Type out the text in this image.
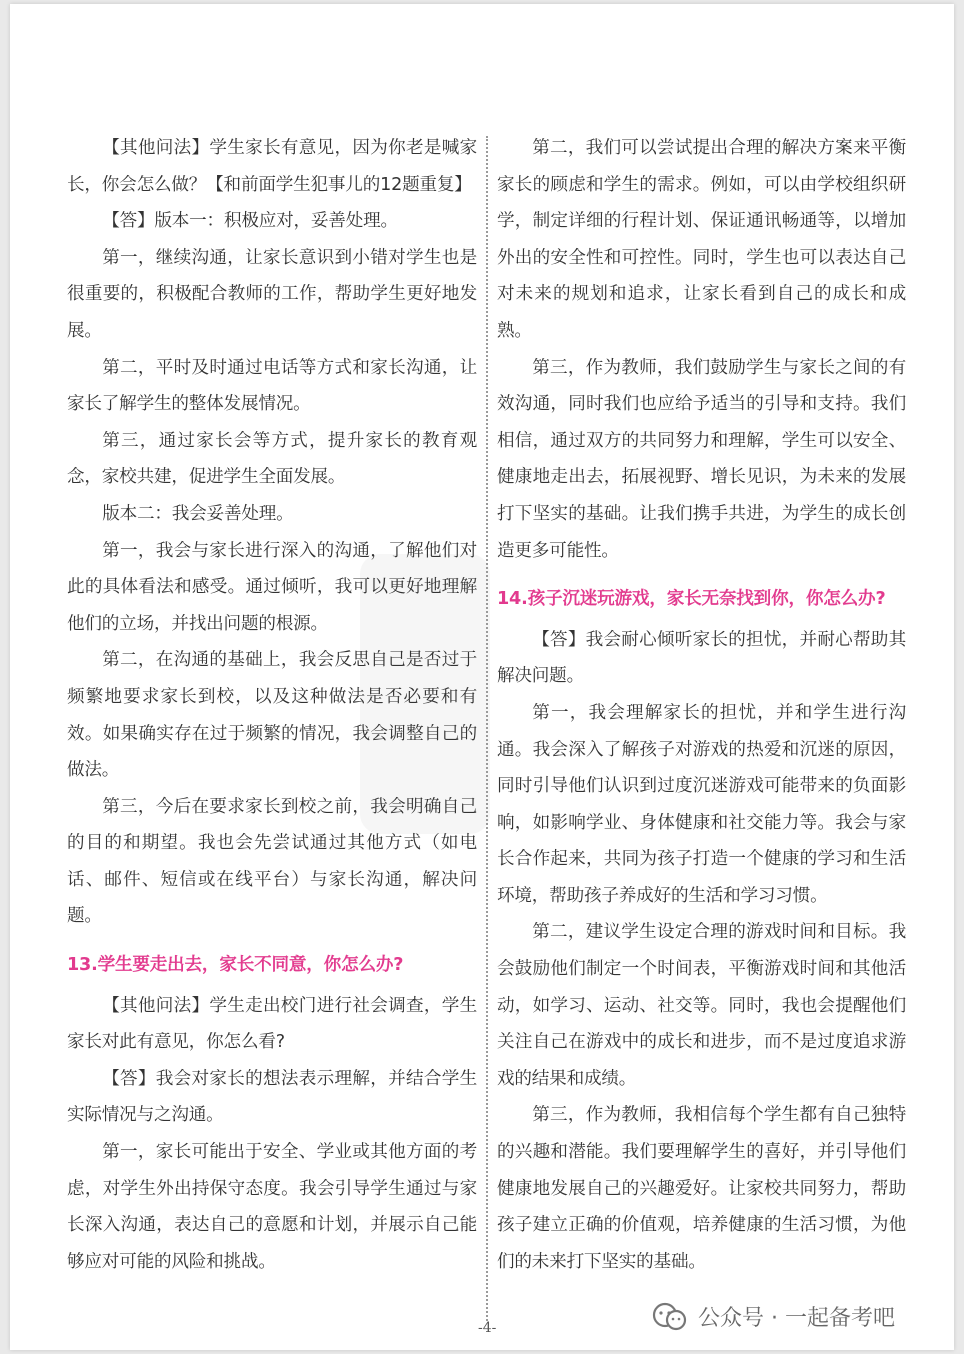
【其他问法】学生家长有意见，因为你老是喊家长，你会怎么做？【和前面学生犯事儿的12题重复】

【答】版本一：积极应对，妥善处理。

第一，继续沟通，让家长意识到小错对学生也是很重要的，积极配合教师的工作，帮助学生更好地发展。

第二，平时及时通过电话等方式和家长沟通，让家长了解学生的整体发展情况。

第三，通过家长会等方式，提升家长的教育观念，家校共建，促进学生全面发展。

版本二：我会妥善处理。

第一，我会与家长进行深入的沟通，了解他们对此的具体看法和感受。通过倾听，我可以更好地理解他们的立场，并找出问题的根源。

第二，在沟通的基础上，我会反思自己是否过于频繁地要求家长到校，以及这种做法是否必要和有效。如果确实存在过于频繁的情况，我会调整自己的做法。

第三，今后在要求家长到校之前，我会明确自己的目的和期望。我也会先尝试通过其他方式（如电话、邮件、短信或在线平台）与家长沟通，解决问题。

13.学生要走出去，家长不同意，你怎么办?

【其他问法】学生走出校门进行社会调查，学生家长对此有意见，你怎么看?

【答】我会对家长的想法表示理解，并结合学生实际情况与之沟通。

第一，家长可能出于安全、学业或其他方面的考虑，对学生外出持保守态度。我会引导学生通过与家长深入沟通，表达自己的意愿和计划，并展示自己能够应对可能的风险和挑战。

第二，我们可以尝试提出合理的解决方案来平衡家长的顾虑和学生的需求。例如，可以由学校组织研学，制定详细的行程计划、保证通讯畅通等，以增加外出的安全性和可控性。同时，学生也可以表达自己对未来的规划和追求，让家长看到自己的成长和成熟。

第三，作为教师，我们鼓励学生与家长之间的有效沟通，同时我们也应给予适当的引导和支持。我们相信，通过双方的共同努力和理解，学生可以安全、健康地走出去，拓展视野、增长见识，为未来的发展打下坚实的基础。让我们携手共进，为学生的成长创造更多可能性。

14.孩子沉迷玩游戏，家长无奈找到你，你怎么办?

【答】我会耐心倾听家长的担忧，并耐心帮助其解决问题。

第一，我会理解家长的担忧，并和学生进行沟通。我会深入了解孩子对游戏的热爱和沉迷的原因，同时引导他们认识到过度沉迷游戏可能带来的负面影响，如影响学业、身体健康和社交能力等。我会与家长合作起来，共同为孩子打造一个健康的学习和生活环境，帮助孩子养成好的生活和学习习惯。

第二，建议学生设定合理的游戏时间和目标。我会鼓励他们制定一个时间表，平衡游戏时间和其他活动，如学习、运动、社交等。同时，我也会提醒他们关注自己在游戏中的成长和进步，而不是过度追求游戏的结果和成绩。

第三，作为教师，我相信每个学生都有自己独特的兴趣和潜能。我们要理解学生的喜好，并引导他们健康地发展自己的兴趣爱好。让家校共同努力，帮助孩子建立正确的价值观，培养健康的生活习惯，为他们的未来打下坚实的基础。

-4-	公众号 · 一起备考吧
